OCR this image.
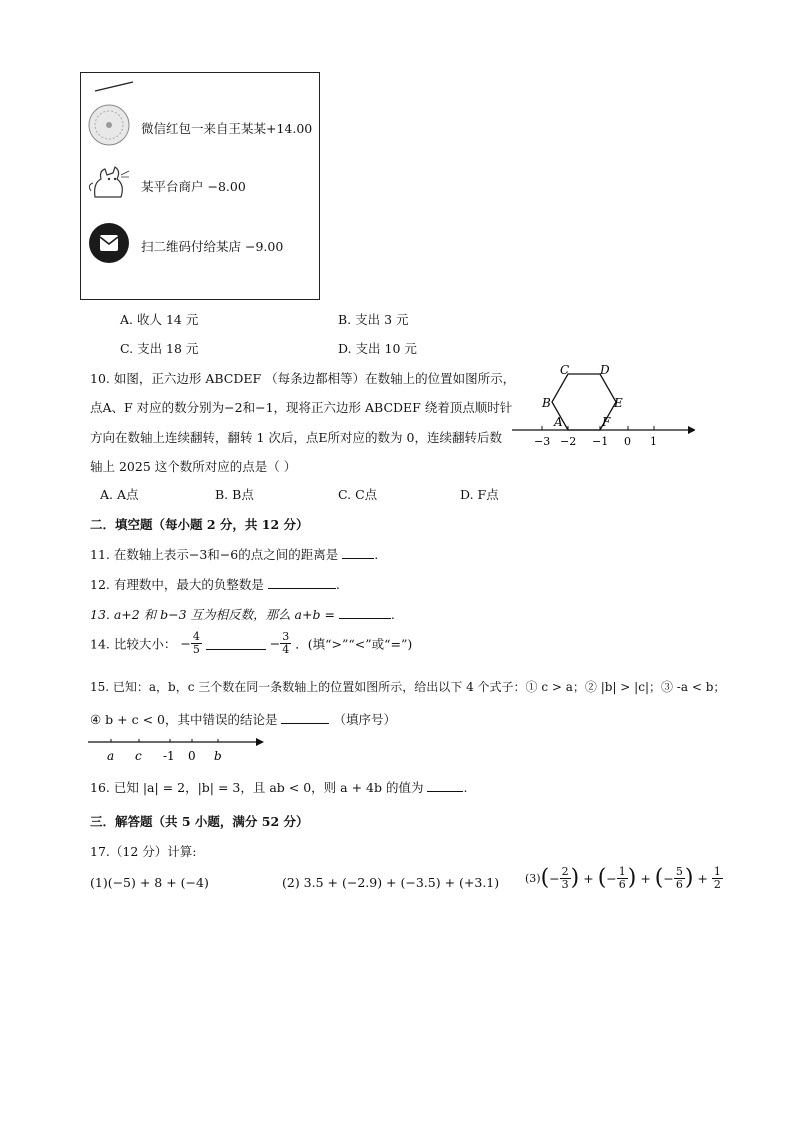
微信红包一来自王某某+14.00
某平台商户 −8.00
扫二维码付给某店 −9.00
A. 收人 14 元	B. 支出 3 元
C. 支出 18 元	D. 支出 10 元
10. 如图，正六边形 ABCDEF （每条边都相等）在数轴上的位置如图所示，
点A、F 对应的数分别为−2和−1，现将正六边形 ABCDEF 绕着顶点顺时针
方向在数轴上连续翻转，翻转 1 次后，点E所对应的数为 0，连续翻转后数
轴上 2025 这个数所对应的点是（ ）
A
B
C	D
E
F
−3 −2 −1 0 1
A. A点	B. B点	C. C点	D. F点
二．填空题（每小题 2 分，共 12 分）
11. 在数轴上表示−3和−6的点之间的距离是	.
12. 有理数中，最大的负整数是	.
13. a+2 和 b−3 互为相反数，那么 a+b =	.
14. 比较大小： − $\frac{4}{5}$	− $\frac{3}{4}$ ．(填“>”“<”或“=”)
15. 已知：a，b，c 三个数在同一条数轴上的位置如图所示，给出以下 4 个式子：① c > a；② |b| > |c|；③ -a < b；
④ b + c < 0，其中错误的结论是	（填序号）
a c -1 0 b
16. 已知 |a| = 2，|b| = 3，且 ab < 0，则 a + 4b 的值为	.
三．解答题（共 5 小题，满分 52 分）
17.（12 分）计算:
(1)(−5) + 8 + (−4)	(2) 3.5 + (−2.9) + (−3.5) + (+3.1) $(3)(- \frac{2}{3}$ ) + (− $\frac{1}{6}$ ) + (− $\frac{5}{6}$ ) + $\frac{1}{2}$
